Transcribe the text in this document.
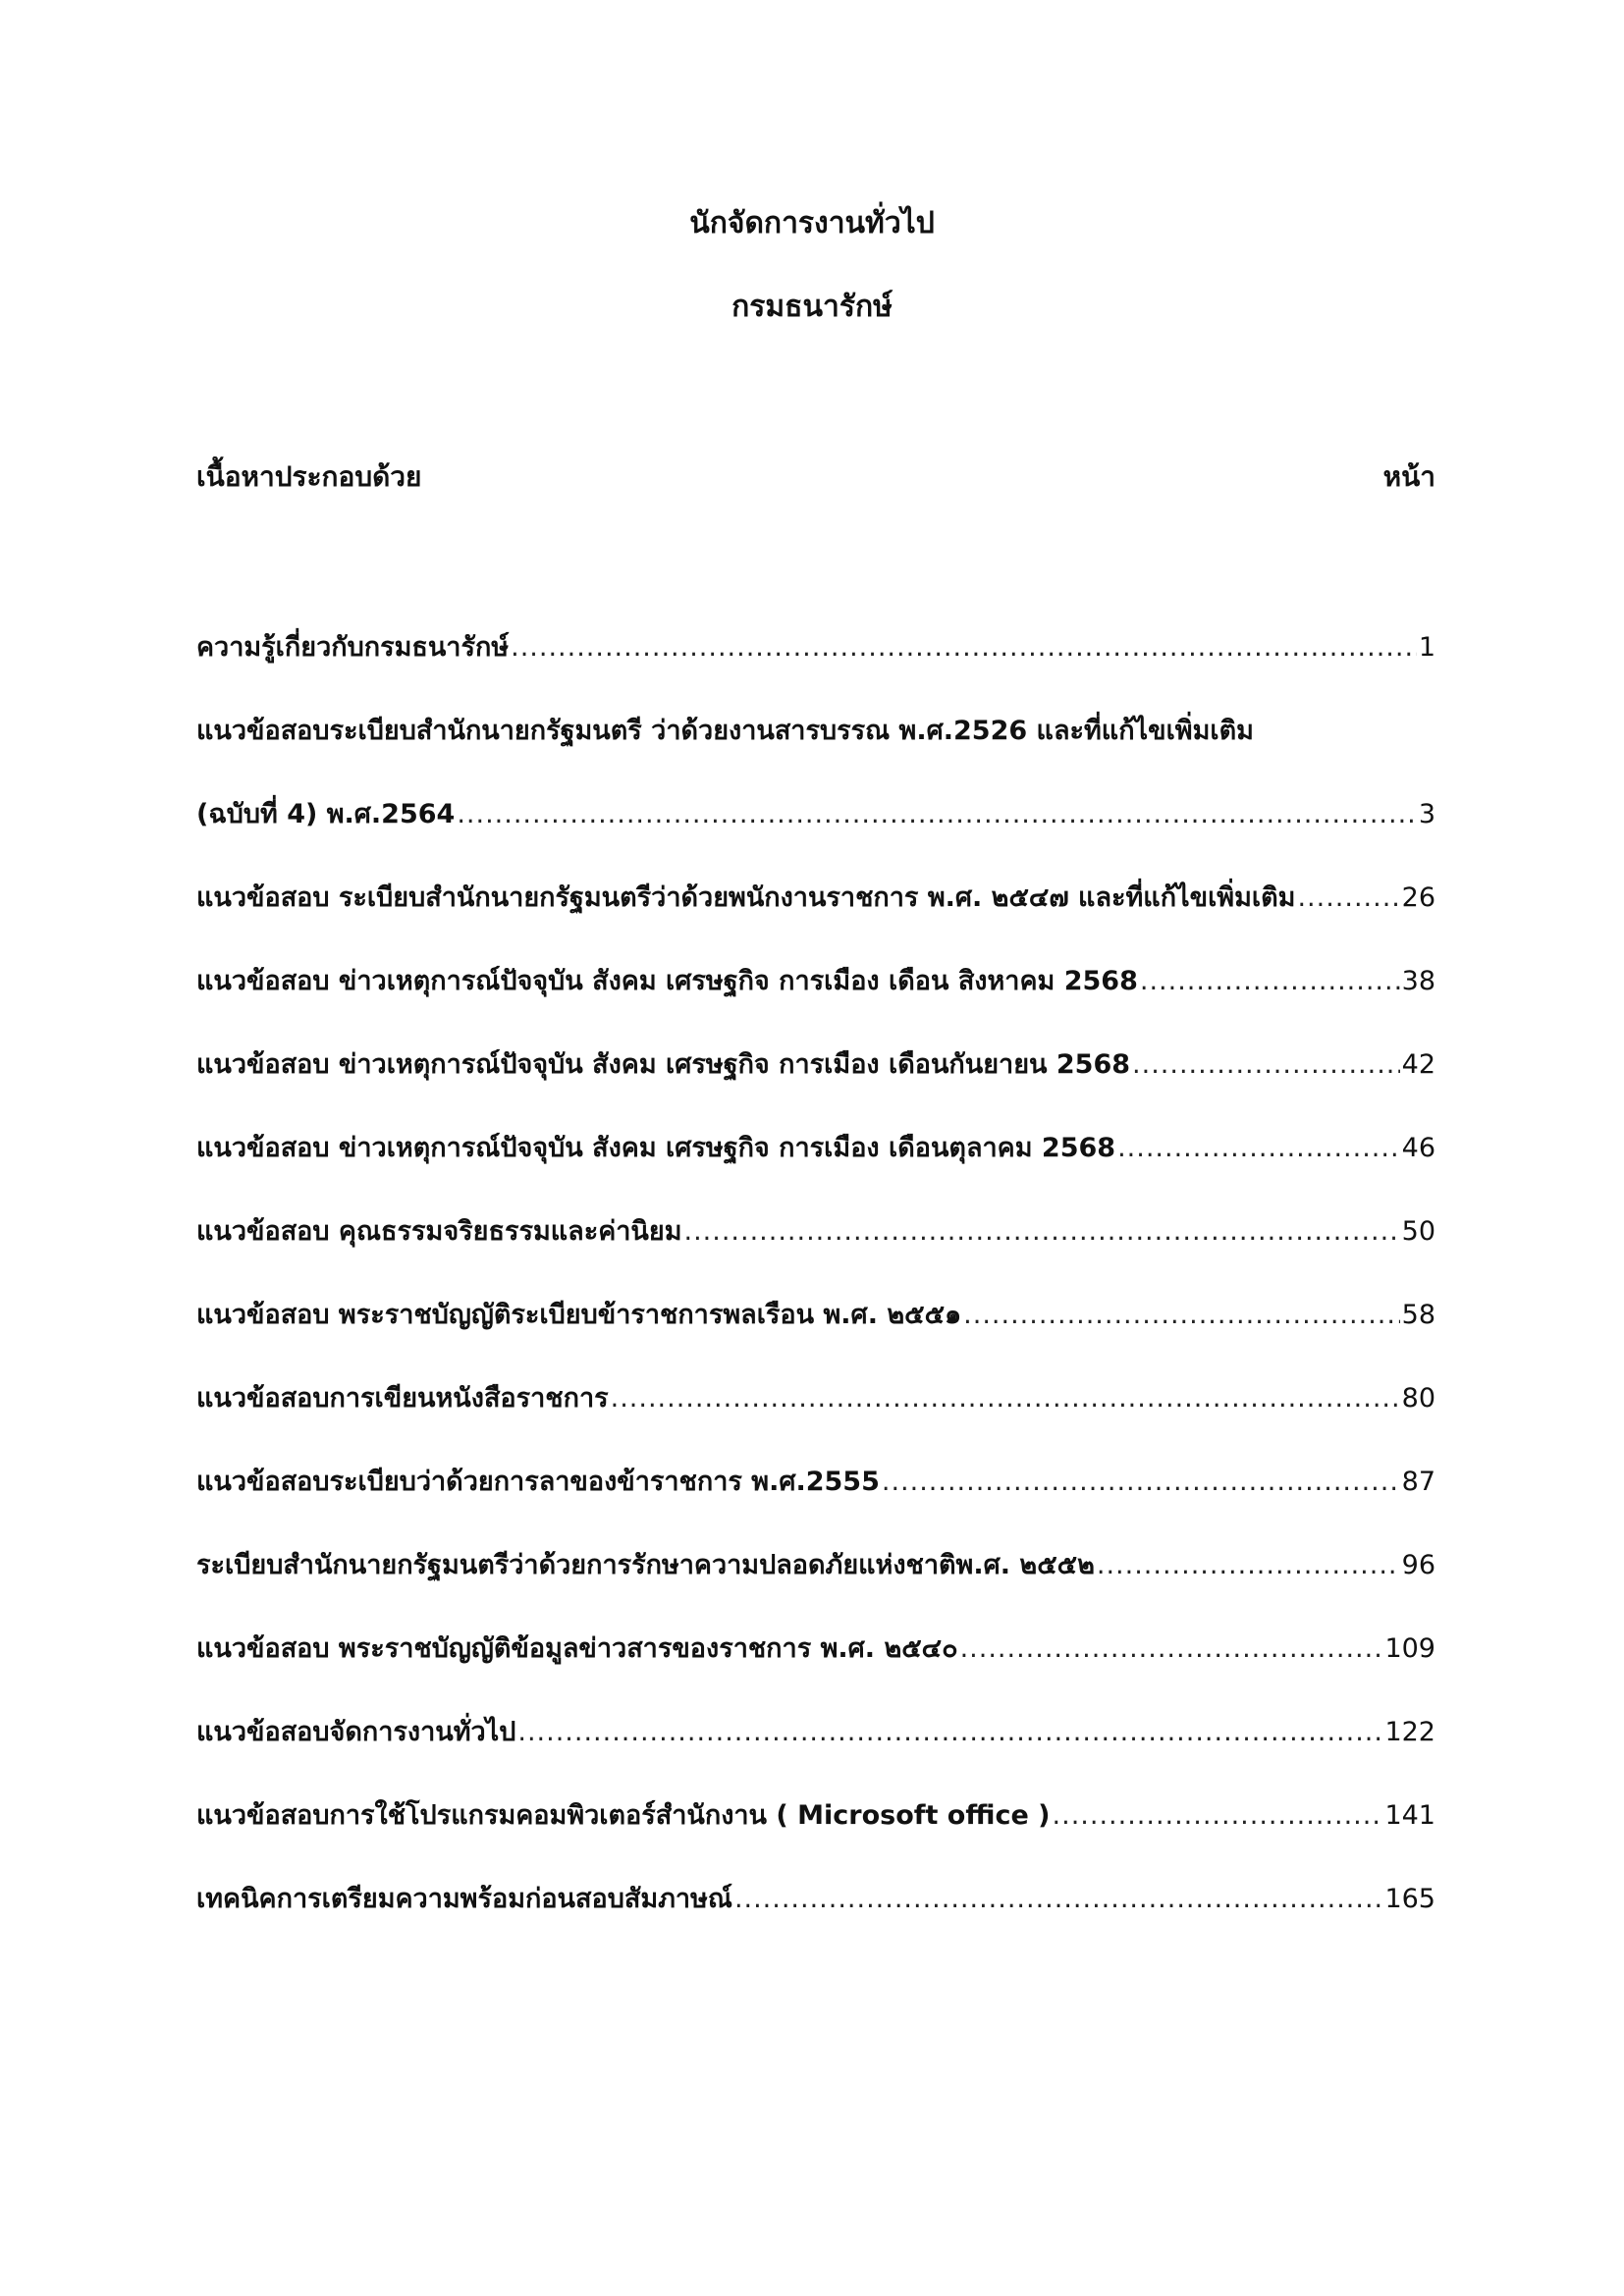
นักจัดการงานทั่วไป
กรมธนารักษ์
เนื้อหาประกอบด้วย	หน้า
ความรู้เกี่ยวกับกรมธนารักษ์ .....	1
แนวข้อสอบระเบียบสำนักนายกรัฐมนตรี ว่าด้วยงานสารบรรณ พ.ศ.2526 และที่แก้ไขเพิ่มเติม
(ฉบับที่ 4) พ.ศ.2564 .....	3
แนวข้อสอบ ระเบียบสำนักนายกรัฐมนตรีว่าด้วยพนักงานราชการ พ.ศ. ๒๕๔๗ และที่แก้ไขเพิ่มเติม .....	26
แนวข้อสอบ ข่าวเหตุการณ์ปัจจุบัน สังคม เศรษฐกิจ การเมือง เดือน สิงหาคม 2568 .....	38
แนวข้อสอบ ข่าวเหตุการณ์ปัจจุบัน สังคม เศรษฐกิจ การเมือง เดือนกันยายน 2568 .....	42
แนวข้อสอบ ข่าวเหตุการณ์ปัจจุบัน สังคม เศรษฐกิจ การเมือง เดือนตุลาคม 2568 .....	46
แนวข้อสอบ คุณธรรมจริยธรรมและค่านิยม .....	50
แนวข้อสอบ พระราชบัญญัติระเบียบข้าราชการพลเรือน พ.ศ. ๒๕๕๑ .....	58
แนวข้อสอบการเขียนหนังสือราชการ .....	80
แนวข้อสอบระเบียบว่าด้วยการลาของข้าราชการ พ.ศ.2555 .....	87
ระเบียบสำนักนายกรัฐมนตรีว่าด้วยการรักษาความปลอดภัยแห่งชาติพ.ศ. ๒๕๕๒ .....	96
แนวข้อสอบ พระราชบัญญัติข้อมูลข่าวสารของราชการ พ.ศ. ๒๕๔๐ .....	109
แนวข้อสอบจัดการงานทั่วไป .....	122
แนวข้อสอบการใช้โปรแกรมคอมพิวเตอร์สำนักงาน ( Microsoft office ) .....	141
เทคนิคการเตรียมความพร้อมก่อนสอบสัมภาษณ์ .....	165
